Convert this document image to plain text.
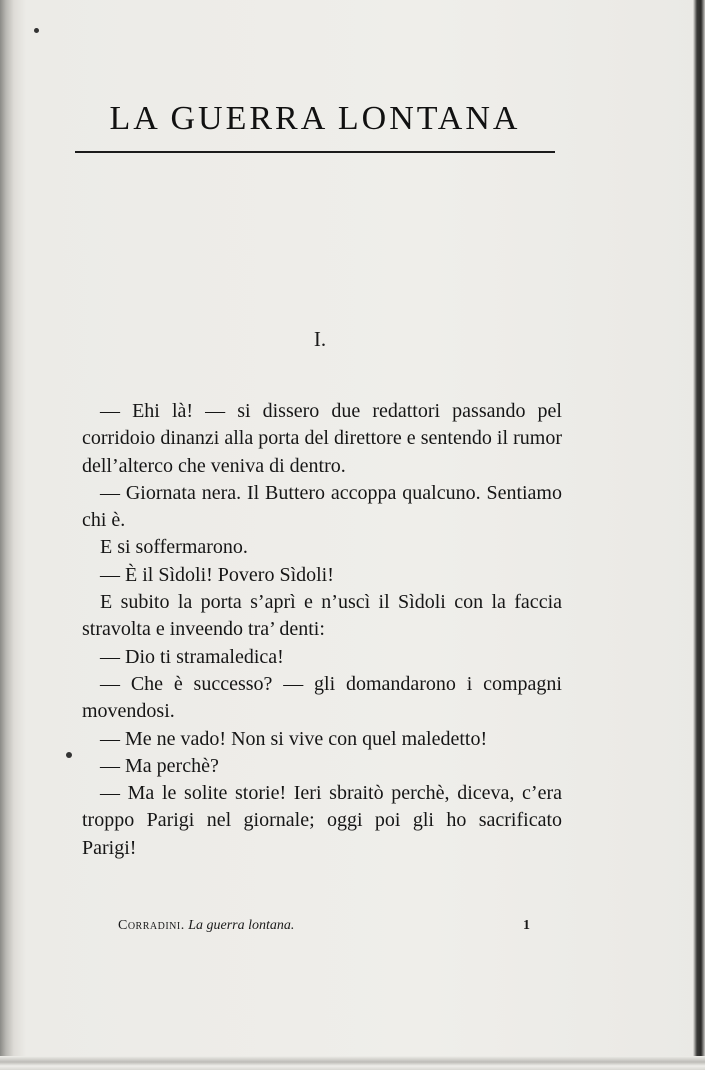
LA GUERRA LONTANA
I.

— Ehi là! — si dissero due redattori passando pel corridoio dinanzi alla porta del direttore e sentendo il rumor dell’alterco che veniva di dentro.

— Giornata nera. Il Buttero accoppa qualcuno. Sentiamo chi è.

E si soffermarono.

— È il Sìdoli! Povero Sìdoli!

E subito la porta s’aprì e n’uscì il Sìdoli con la faccia stravolta e inveendo tra’ denti:

— Dio ti stramaledica!

— Che è successo? — gli domandarono i compagni movendosi.

— Me ne vado! Non si vive con quel maledetto!

— Ma perchè?

— Ma le solite storie! Ieri sbraitò perchè, diceva, c’era troppo Parigi nel giornale; oggi poi gli ho sacrificato Parigi!

Corradini. La guerra lontana.	1
